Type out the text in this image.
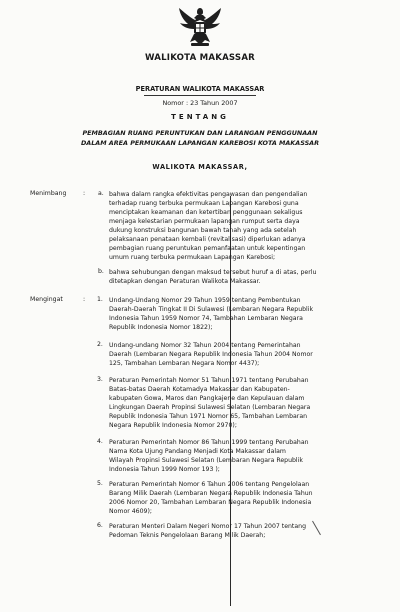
WALIKOTA MAKASSAR
PERATURAN WALIKOTA MAKASSAR
Nomor : 23 Tahun 2007
TENTANG
PEMBAGIAN RUANG PERUNTUKAN DAN LARANGAN PENGGUNAAN
DALAM AREA PERMUKAAN LAPANGAN KAREBOSI KOTA MAKASSAR
WALIKOTA MAKASSAR,
Menimbang	: a. bahwa dalam rangka efektivitas pengawasan dan pengendalian
terhadap ruang terbuka permukaan Lapangan Karebosi guna
menciptakan keamanan dan ketertiban penggunaan sekaligus
menjaga kelestarian permukaan lapangan rumput serta daya
dukung konstruksi bangunan bawah tanah yang ada setelah
pelaksanaan penataan kembali (revitalisasi) diperlukan adanya
pembagian ruang peruntukan pemanfaatan untuk kepentingan
umum ruang terbuka permukaan Lapangan Karebosi;
b. bahwa sehubungan dengan maksud tersebut huruf a di atas, perlu
ditetapkan dengan Peraturan Walikota Makassar.
Mengingat	: 1. Undang-Undang Nomor 29 Tahun 1959 tentang Pembentukan
Daerah-Daerah Tingkat II Di Sulawesi (Lembaran Negara Republik
Indonesia Tahun 1959 Nomor 74, Tambahan Lembaran Negara
Republik Indonesia Nomor 1822);
2. Undang-undang Nomor 32 Tahun 2004 tentang Pemerintahan
Daerah (Lembaran Negara Republik Indonesia Tahun 2004 Nomor
125, Tambahan Lembaran Negara Nomor 4437);
3. Peraturan Pemerintah Nomor 51 Tahun 1971 tentang Perubahan
Batas-batas Daerah Kotamadya Makassar dan Kabupaten-
kabupaten Gowa, Maros dan Pangkajene dan Kepulauan dalam
Lingkungan Daerah Propinsi Sulawesi Selatan (Lembaran Negara
Republik Indonesia Tahun 1971 Nomor 65, Tambahan Lembaran
Negara Republik Indonesia Nomor 2970);
4. Peraturan Pemerintah Nomor 86 Tahun 1999 tentang Perubahan
Nama Kota Ujung Pandang Menjadi Kota Makassar dalam
Wilayah Propinsi Sulawesi Selatan (Lembaran Negara Republik
Indonesia Tahun 1999 Nomor 193 );
5. Peraturan Pemerintah Nomor 6 Tahun 2006 tentang Pengelolaan
Barang Milik Daerah (Lembaran Negara Republik Indonesia Tahun
2006 Nomor 20, Tambahan Lembaran Negara Republik Indonesia
Nomor 4609);
6. Peraturan Menteri Dalam Negeri Nomor 17 Tahun 2007 tentang
Pedoman Teknis Pengelolaan Barang Milik Daerah;
